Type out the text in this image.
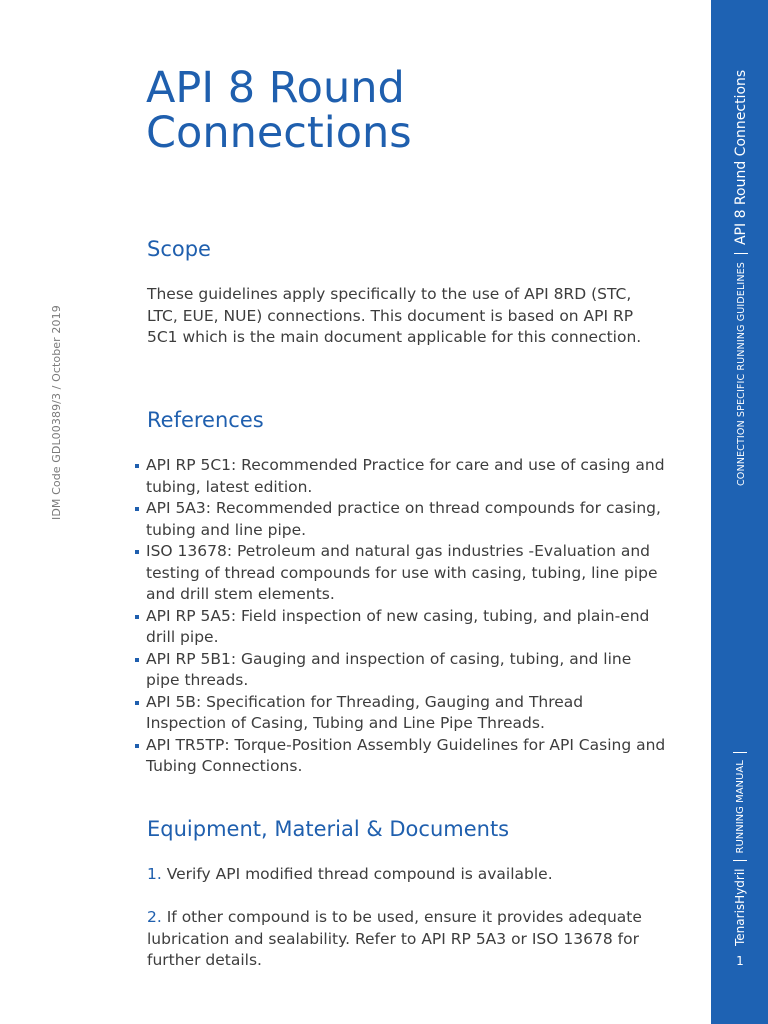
API 8 Round
Connections
Scope

These guidelines apply specifically to the use of API 8RD (STC, LTC, EUE, NUE) connections. This document is based on API RP 5C1 which is the main document applicable for this connection.

References
API RP 5C1: Recommended Practice for care and use of casing and tubing, latest edition.
API 5A3: Recommended practice on thread compounds for casing, tubing and line pipe.
ISO 13678: Petroleum and natural gas industries -Evaluation and testing of thread compounds for use with casing, tubing, line pipe and drill stem elements.
API RP 5A5: Field inspection of new casing, tubing, and plain-end drill pipe.
API RP 5B1: Gauging and inspection of casing, tubing, and line pipe threads.
API 5B: Specification for Threading, Gauging and Thread Inspection of Casing, Tubing and Line Pipe Threads.
API TR5TP: Torque-Position Assembly Guidelines for API Casing and Tubing Connections.
Equipment, Material & Documents

1. Verify API modified thread compound is available.

2. If other compound is to be used, ensure it provides adequate lubrication and sealability. Refer to API RP 5A3 or ISO 13678 for further details.

IDM Code GDL00389/3 / October 2019	CONNECTION SPECIFIC RUNNING GUIDELINES
API 8 Round Connections
TenarisHydril
RUNNING MANUAL
1
